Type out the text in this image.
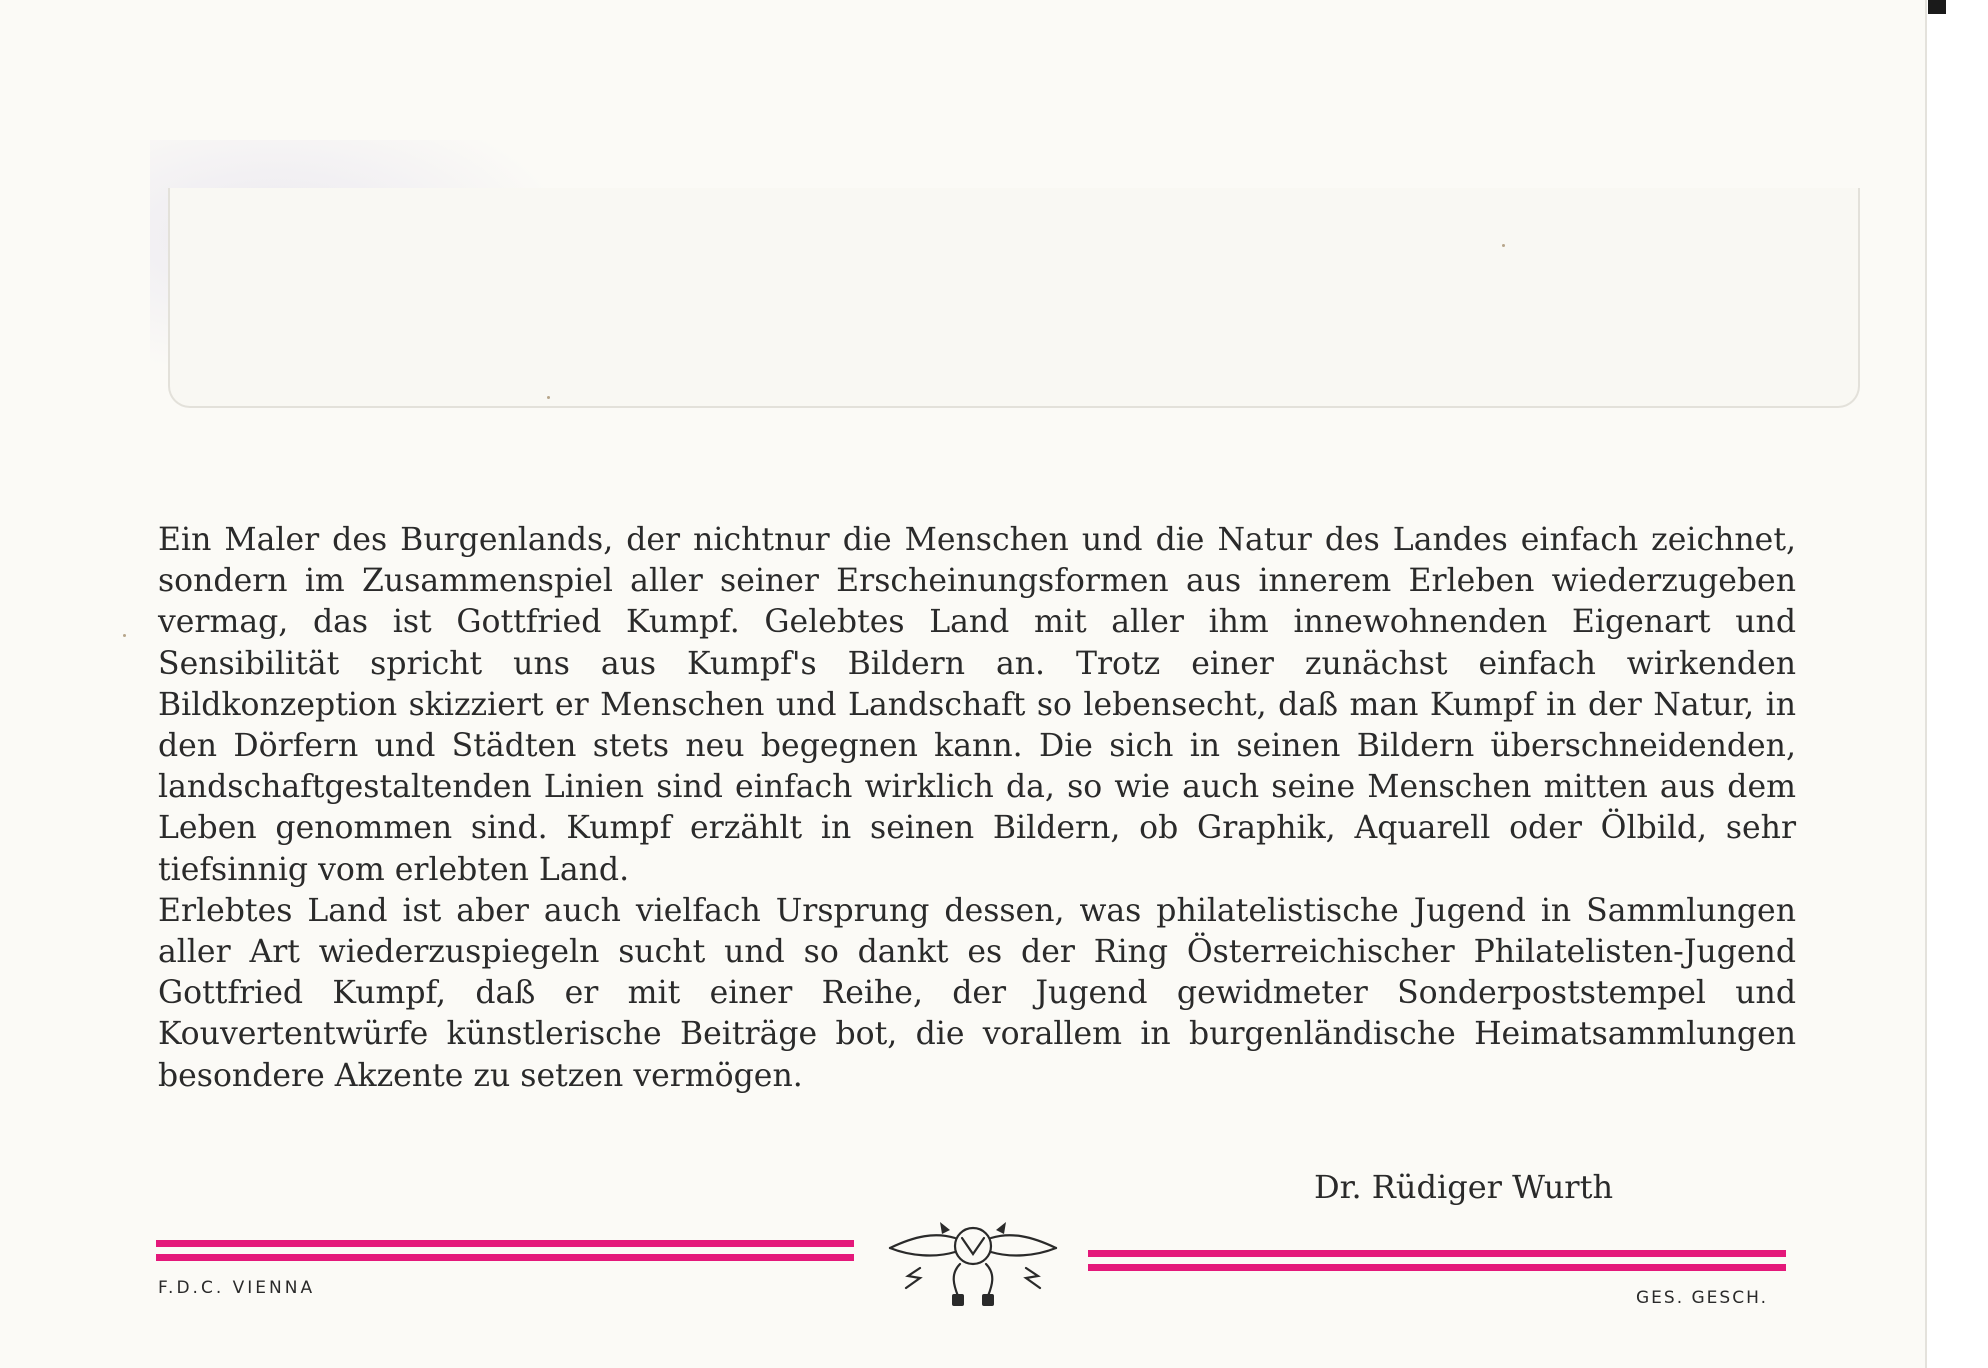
Ein Maler des Burgenlands, der nichtnur die Menschen und die Natur des Landes einfach zeichnet, sondern im Zusammenspiel aller seiner Erscheinungsformen aus innerem Erleben wiederzugeben vermag, das ist Gottfried Kumpf. Gelebtes Land mit aller ihm innewohnenden Eigenart und Sensibilität spricht uns aus Kumpf's Bildern an. Trotz einer zunächst einfach wirkenden Bildkonzeption skizziert er Menschen und Landschaft so lebensecht, daß man Kumpf in der Natur, in den Dörfern und Städten stets neu begegnen kann. Die sich in seinen Bildern überschneidenden, landschaftgestaltenden Linien sind einfach wirklich da, so wie auch seine Menschen mitten aus dem Leben genommen sind. Kumpf erzählt in seinen Bildern, ob Graphik, Aquarell oder Ölbild, sehr tiefsinnig vom erlebten Land.

Erlebtes Land ist aber auch vielfach Ursprung dessen, was philatelistische Jugend in Sammlungen aller Art wiederzuspiegeln sucht und so dankt es der Ring Österreichischer Philatelisten-Jugend Gottfried Kumpf, daß er mit einer Reihe, der Jugend gewidmeter Sonderpoststempel und Kouvertentwürfe künstlerische Beiträge bot, die vorallem in burgenländische Heimatsammlungen besondere Akzente zu setzen vermögen.

Dr. Rüdiger Wurth
F.D.C. VIENNA	GES. GESCH.
